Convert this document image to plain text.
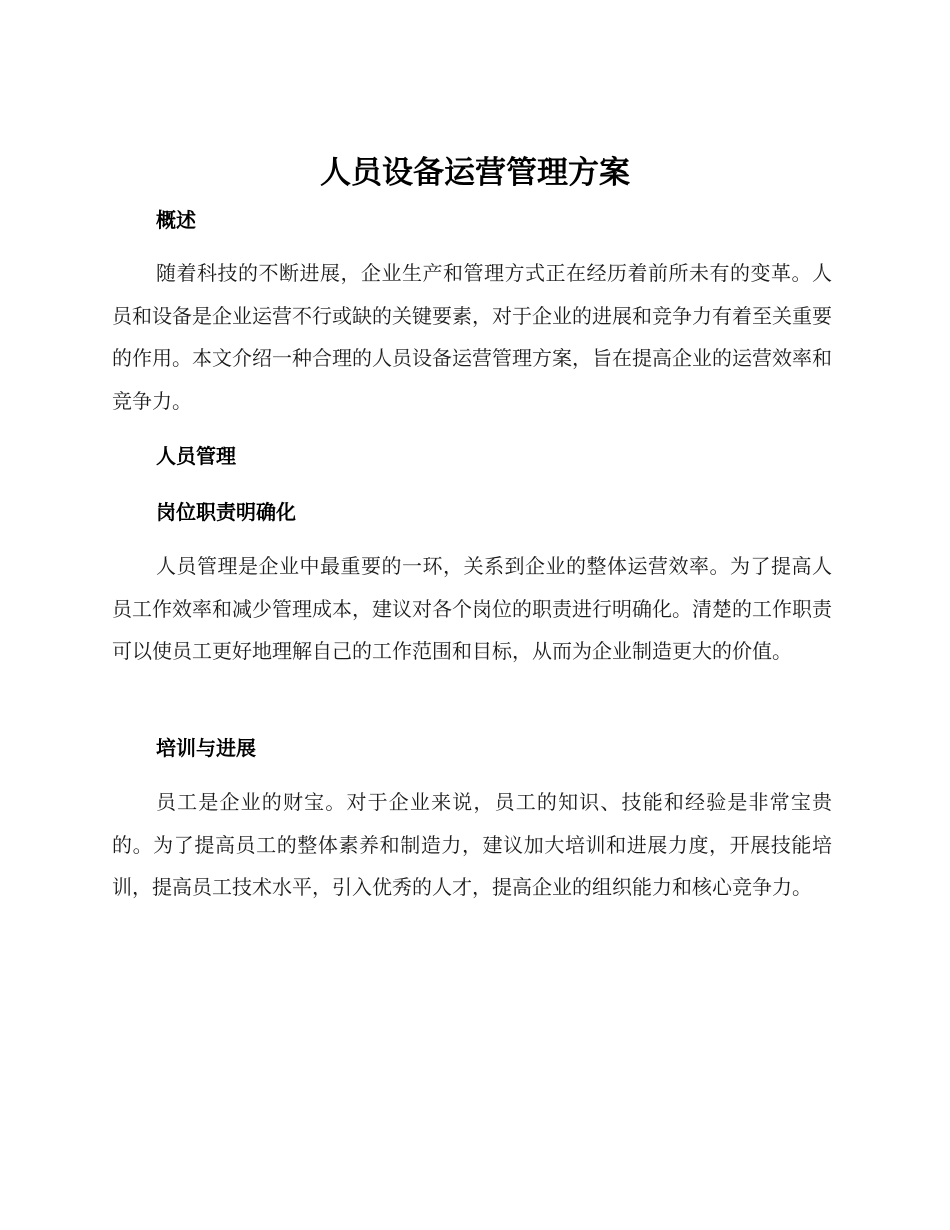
人员设备运营管理方案
概述

随着科技的不断进展，企业生产和管理方式正在经历着前所未有的变革。人员和设备是企业运营不行或缺的关键要素，对于企业的进展和竞争力有着至关重要的作用。本文介绍一种合理的人员设备运营管理方案，旨在提高企业的运营效率和竞争力。

人员管理
岗位职责明确化

人员管理是企业中最重要的一环，关系到企业的整体运营效率。为了提高人员工作效率和减少管理成本，建议对各个岗位的职责进行明确化。清楚的工作职责可以使员工更好地理解自己的工作范围和目标，从而为企业制造更大的价值。

培训与进展

员工是企业的财宝。对于企业来说，员工的知识、技能和经验是非常宝贵的。为了提高员工的整体素养和制造力，建议加大培训和进展力度，开展技能培训，提高员工技术水平，引入优秀的人才，提高企业的组织能力和核心竞争力。
